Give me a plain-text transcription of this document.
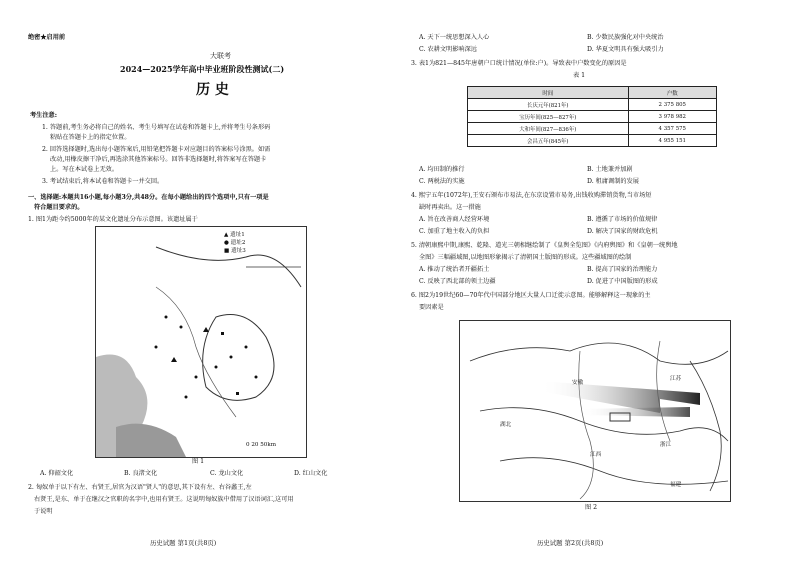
绝密★启用前
大联考
2024—2025学年高中毕业班阶段性测试(二)
历 史
考生注意:
1. 答题前,考生务必将自己的姓名、考生号填写在试卷和答题卡上,并将考生号条形码
粘贴在答题卡上的指定位置。
2. 回答选择题时,选出每小题答案后,用铅笔把答题卡对应题目的答案标号涂黑。如需
改动,用橡皮擦干净后,再选涂其他答案标号。回答非选择题时,将答案写在答题卡
上。写在本试卷上无效。
3. 考试结束后,将本试卷和答题卡一并交回。
一、选择题:本题共16小题,每小题3分,共48分。在每小题给出的四个选项中,只有一项是
符合题目要求的。
1. 图1为距今约5000年的某文化遗址分布示意图。该遗址属于
▲ 遗址1
● 遗址2
■ 遗址3
0 20 50km
图 1
A. 仰韶文化	B. 良渚文化	C. 龙山文化	D. 红山文化
2. 匈奴单于以下有左、右贤王,居官为汉语"贤人"的意思,其下设有左、右谷蠡王,左
右贤王,是东、单于在继汉之官职的名字中,也用有贤王。这说明匈奴族中借用了汉语词汇,这可用
于说明
历史试题 第1页(共8页)
A. 天下一统思想深入人心	B. 少数民族强化对中央统治
C. 农耕文明影响深远	D. 华夏文明具有强大吸引力
3. 表1为821—845年唐朝户口统计情况(单位:户)。导致表中户数变化的原因是
表 1
时间	户数
长庆元年(821年)	2 375 805
宝历年间(825—827年)	3 978 982
大和年间(827—836年)	4 357 575
会昌五年(845年)	4 955 151
A. 均田制的推行	B. 土地兼并加剧
C. 两税法的实施	D. 租庸调制的发展
4. 熙宁五年(1072年),王安石颁布市易法,在东京设置市易务,出钱收购滞销货物,当市场短
缺时再卖出。这一措施
A. 旨在改善商人经营环境	B. 遵循了市场的价值规律
C. 加重了地主收入的负担	D. 解决了国家的财政危机
5. 清朝康熙中期,康熙、乾隆、道光三朝相继绘制了《皇舆全览图》《内府舆图》和《皇朝一统舆地
全图》三幅疆域图,以地图形象揭示了清朝国土版图的形成。这些疆域图的绘制
A. 推动了统治者开疆拓土	B. 提高了国家的治理能力
C. 反映了西北部的领土边疆	D. 促进了中国版图的形成
6. 图2为19世纪60—70年代中国部分地区大量人口迁徙示意图。能够解释这一现象的主
要因素是
安徽
江苏
湖北
江西
浙江
福建
图 2
历史试题 第2页(共8页)
